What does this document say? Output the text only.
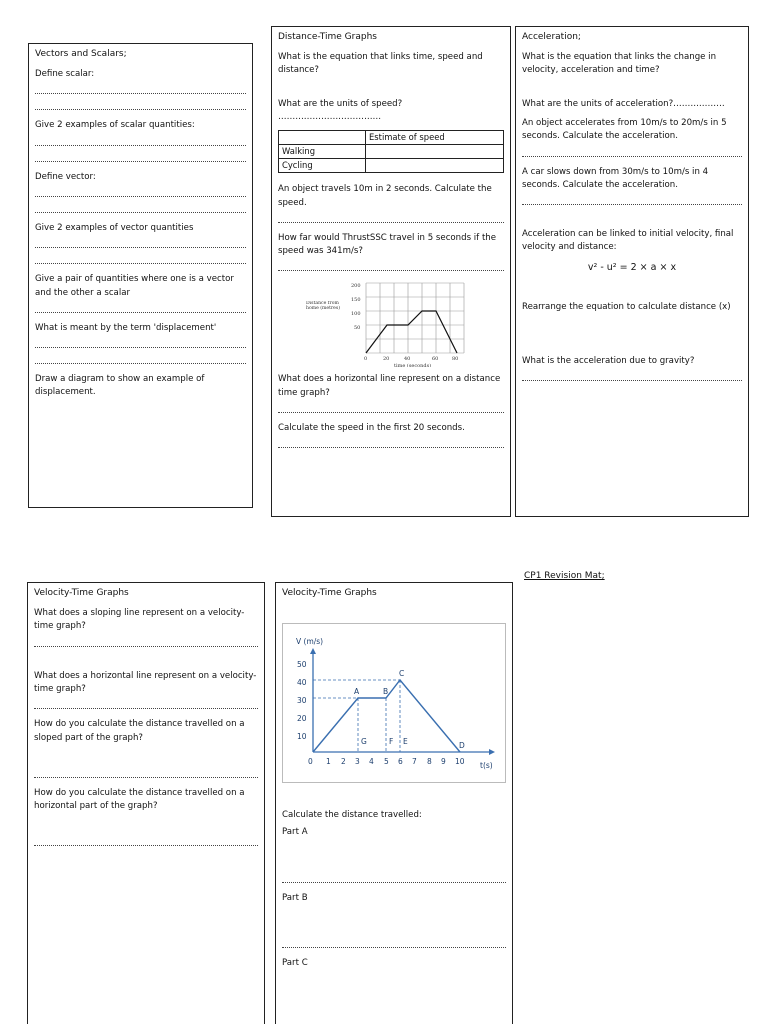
Vectors and Scalars;

Define scalar:

Give 2 examples of scalar quantities:

Define vector:

Give 2 examples of vector quantities

Give a pair of quantities where one is a vector and the other a scalar

What is meant by the term 'displacement'

Draw a diagram to show an example of displacement.

Distance-Time Graphs

What is the equation that links time, speed and distance?

What are the units of speed? ………………………………

	Estimate of speed
Walking	
Cycling	

An object travels 10m in 2 seconds. Calculate the speed.

How far would ThrustSSC travel in 5 seconds if the speed was 341m/s?

200
150
100
50
0	20	40	60	80
time (seconds)
Distance from home (metres)

What does a horizontal line represent on a distance time graph?

Calculate the speed in the first 20 seconds.

Acceleration;

What is the equation that links the change in velocity, acceleration and time?

What are the units of acceleration?………………

An object accelerates from 10m/s to 20m/s in 5 seconds. Calculate the acceleration.

A car slows down from 30m/s to 10m/s in 4 seconds. Calculate the acceleration.

Acceleration can be linked to initial velocity, final velocity and distance:

v² - u² = 2 × a × x

Rearrange the equation to calculate distance (x)

What is the acceleration due to gravity?

CP1 Revision Mat;
Velocity-Time Graphs

What does a sloping line represent on a velocity-time graph?

What does a horizontal line represent on a velocity-time graph?

How do you calculate the distance travelled on a sloped part of the graph?

How do you calculate the distance travelled on a horizontal part of the graph?

Velocity-Time Graphs
V (m/s)
t(s)
10
20
30
40
50
0 1 2 3 4 5 6 7 8 9 10
A	B
C
D
G	F E

Calculate the distance travelled:

Part A

Part B

Part C
